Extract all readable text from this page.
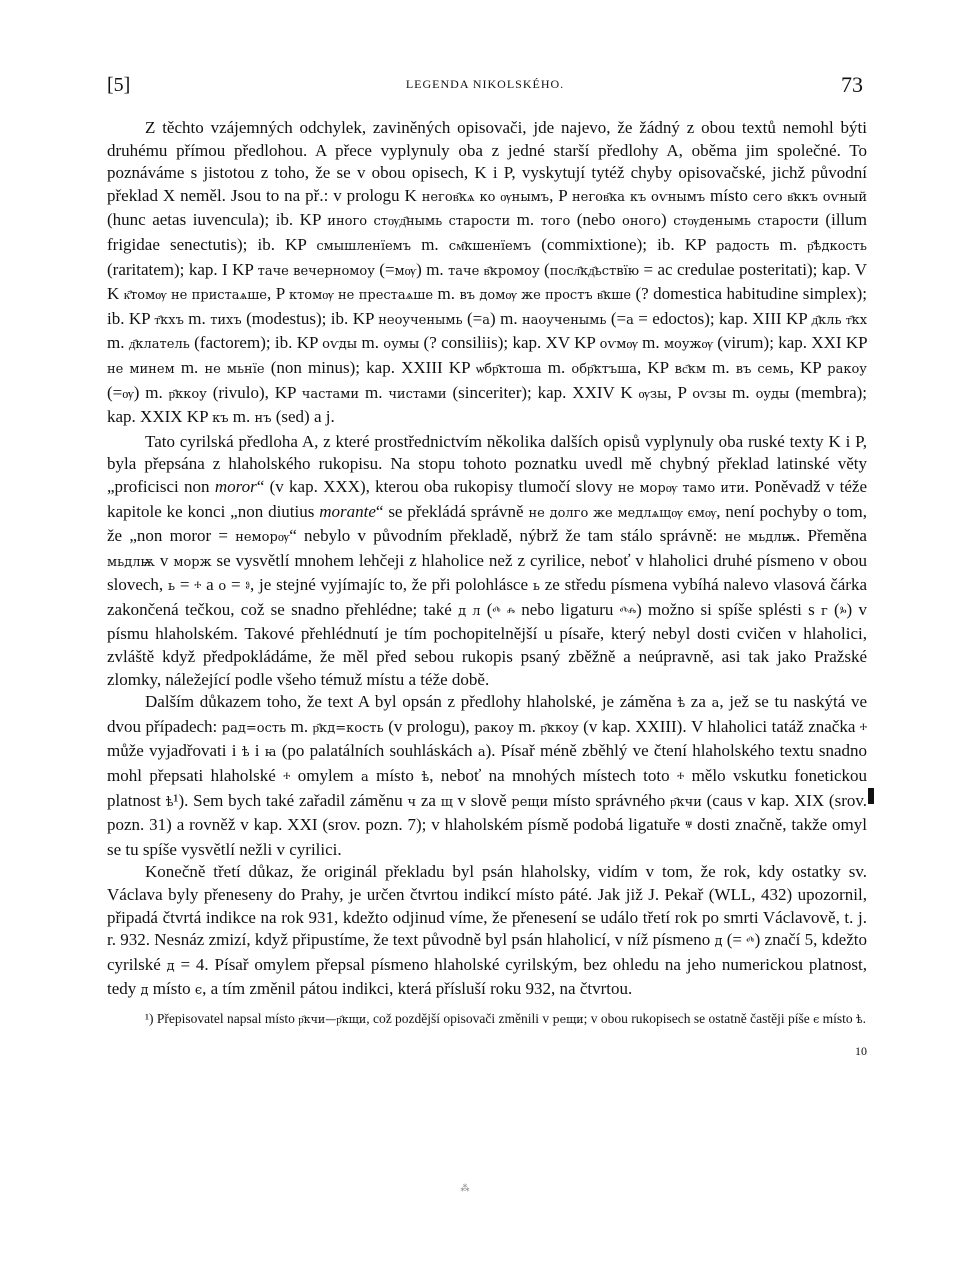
[5]	LEGENDA NIKOLSKÉHO.	73

Z těchto vzájemných odchylek, zaviněných opisovači, jde najevo, že žádný z obou textů nemohl býti druhému přímou předlohou. A přece vyplynuly oba z jedné starší předlohy A, oběma jim společné. To poznáváme s jistotou z toho, že se v obou opisech, K i P, vyskytují tytéž chyby opisovačské, jichž původní překlad X neměl. Jsou to na př.: v prologu K негов҄кѧ ко ѹнымъ, P негов҄ка къ оѵнымъ místo сего в҄ккъ оѵный (hunc aetas iuvencula); ib. KP иного стѹд҄нымь старости m. того (nebo оного) стѹденымь старости (illum frigidae senectutis); ib. KP смышленїемъ m. см҄кшенїемъ (commixtione); ib. KP радость m. р҄ѣдкость (raritatem); kap. I KP таче вечерномоу (=мѹ) m. таче в҄кромоу (посл҄кд҄ьствїю = ac credulae posteritati); kap. V K к҄томѹ не пристаѧше, P ктомѹ не престаѧше m. въ домѹ же простъ в҄кше (? domestica habitudine simplex); ib. KP т҄кхъ m. тихъ (modestus); ib. KP неоученымь (=а) m. наоученымь (=а = edoctos); kap. XIII KP д҄кль т҄кх m. д҄клатель (factorem); ib. KP оѵды m. оумы (? consiliis); kap. XV KP оѵмѹ m. моужѹ (virum); kap. XXI KP не минем m. не мьнїе (non minus); kap. XXIII KP ѡбр҄ктоша m. обр҄ктъша, KP вс҄км m. въ семь, KP ракоу (=ѹ) m. р҄ккоу (rivulo), KP частами m. чистами (sinceriter); kap. XXIV K ѹзы, P оѵзы m. оуды (membra); kap. XXIX KP къ m. нъ (sed) a j.

Tato cyrilská předloha A, z které prostřednictvím několika dalších opisů vyplynuly oba ruské texty K i P, byla přepsána z hlaholského rukopisu. Na stopu tohoto poznatku uvedl mě chybný překlad latinské věty „proficisci non moror“ (v kap. XXX), kterou oba rukopisy tlumočí slovy не морѹ тамо ити. Poněvadž v téže kapitole ke konci „non diutius morante“ se překládá správně не долго же медлѧщѹ ємѹ, není pochyby o tom, že „non moror = неморѹ“ nebylo v původním překladě, nýbrž že tam stálo správně: не мьдлѭ. Přeměna мьдлѭ v морж se vysvětlí mnohem lehčeji z hlaholice než z cyrilice, neboť v hlaholici druhé písmeno v obou slovech, ь = ⰰ a о = ⱁ, je stejné vyjímajíc to, že při polohlásce ь ze středu písmena vybíhá nalevo vlasová čárka zakončená tečkou, což se snadno přehlédne; také д л (ⰴ ⰾ nebo ligaturu ⰴⰾ) možno si spíše splésti s г (ⰳ) v písmu hlaholském. Takové přehlédnutí je tím pochopitelnější u písaře, který nebyl dosti cvičen v hlaholici, zvláště když předpokládáme, že měl před sebou rukopis psaný zběžně a neúpravně, asi tak jako Pražské zlomky, náležející podle všeho témuž místu a téže době.

Dalším důkazem toho, že text A byl opsán z předlohy hlaholské, je záměna ѣ za а, jež se tu naskýtá ve dvou případech: рад=ость m. р҄кд=кость (v prologu), ракоу m. р҄ккоу (v kap. XXIII). V hlaholici tatáž značka ⰰ může vyjadřovati i ѣ i ꙗ (po palatálních souhláskách а). Písař méně zběhlý ve čtení hlaholského textu snadno mohl přepsati hlaholské ⰰ omylem а místo ѣ, neboť na mnohých místech toto ⰰ mělo vskutku fonetickou platnost ѣ¹). Sem bych také zařadil záměnu ч za щ v slově рещи místo správného р҄кчи (caus v kap. XIX (srov. pozn. 31) a rovněž v kap. XXI (srov. pozn. 7); v hlaholském písmě podobá ligatuře ⱋ dosti značně, takže omyl se tu spíše vysvětlí nežli v cyrilici.

Konečně třetí důkaz, že originál překladu byl psán hlaholsky, vidím v tom, že rok, kdy ostatky sv. Václava byly přeneseny do Prahy, je určen čtvrtou indikcí místo páté. Jak již J. Pekař (WLL, 432) upozornil, připadá čtvrtá indikce na rok 931, kdežto odjinud víme, že přenesení se událo třetí rok po smrti Václavově, t. j. r. 932. Nesnáz zmizí, když připustíme, že text původně byl psán hlaholicí, v níž písmeno д (= ⰴ) značí 5, kdežto cyrilské д = 4. Písař omylem přepsal písmeno hlaholské cyrilským, bez ohledu na jeho numerickou platnost, tedy д místo є, a tím změnil pátou indikci, která přísluší roku 932, na čtvrtou.

¹) Přepisovatel napsal místo р҄кчи—р҄кщи, což pozdější opisovači změnili v рещи; v obou rukopisech se ostatně častěji píše є místo ѣ.
10
⁂
